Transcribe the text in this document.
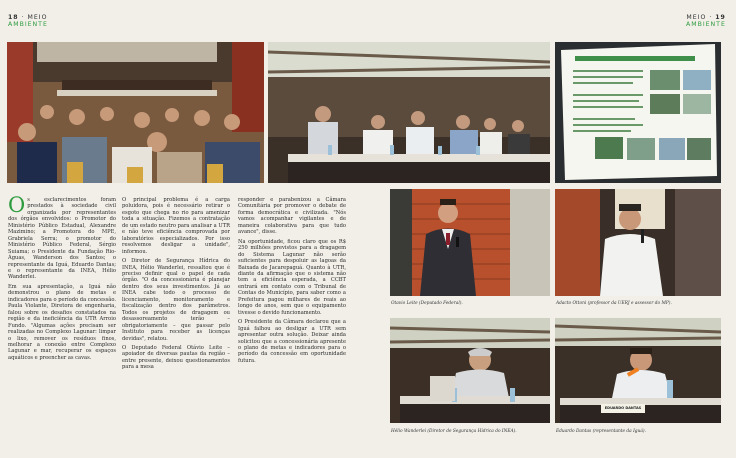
18 · MEIO
AMBIENTE
MEIO · 19
AMBIENTE

Os esclarecimentos foram prestados à sociedade civil organizada por representantes dos órgãos envolvidos: o Promotor do Ministério Público Estadual, Alexandre Mazimino; a Promotora do MPE, Grabriela Serra; o promotor do Ministério Público Federal, Sérgio Suiama; o Presidente da Fundação Rio-Águas, Wanderson dos Santos; o representante da Iguá, Eduardo Dantas; e o representante da INEA, Hélio Wanderlei.

Em sua apresentação, a Iguá não demonstrou o plano de metas e indicadores para o período da concessão. Paula Violante, Diretora de engenharia, falou sobre os desafios constatados na região e da ineficiência da UTR Arroio Fundo. "Algumas ações precisam ser realizadas no Complexo Lagunar: limpar o lixo, remover os resíduos finos, melhorar a conexão entre Complexo Lagunar e mar, recuperar os espaços aquáticos e preencher as cavas.

O principal problema é a carga poluidora, pois é necessário retirar o esgoto que chega no rio para amenizar toda a situação. Fizemos a contratação de um estado neutro para analisar a UTR e não teve eficiência comprovada por laboratórios especializados. Por isso resolvemos desligar a unidade", informou.

O Diretor de Segurança Hídrica do INEA, Hélio Wanderlei, ressaltou que é preciso definir qual o papel de cada órgão. "O da concessionária é planejar dentro dos seus investimentos. Já ao INEA cabe todo o processo de licenciamento, monitoramento e fiscalização dentro dos parâmetros. Todos os projetos de dragagem ou desassoreamento terão – obrigatoriamente – que passar pelo Instituto para receber as licenças devidas", relatou.

O Deputado Federal Otávio Leite – apoiador de diversas pautas da região – entre presente, deixou questionamentos para a mesa

responder e parabenizou a Câmara Comunitária por promover o debate de forma democrática e civilizada. "Nós vamos acompanhar vigilantes e de maneira colaborativa para que tudo avance", disse.

Na oportunidade, ficou claro que os R$ 250 milhões previstos para a dragagem do Sistema Lagunar não serão suficientes para despoluir as lagoas da Baixada de Jacarepaguá. Quanto à UTR, diante da afirmação que o sistema não tem a eficiência esperada, a CCBT entrará em contato com o Tribunal de Contas do Município, para saber como a Prefeitura pagou milhares de reais ao longo de anos, sem que o equipamento tivesse o devido funcionamento.

O Presidente da Câmara declarou que a Iguá falhou ao desligar a UTR sem apresentar outra solução. Deixar ainda solicitou que a concessionária apresente o plano de metas e indicadores para o período da concessão em oportunidade futura.

Otavio Leite (Deputado Federal).	Adacto Ottoni (professor da UERJ e assessor do MP).
Hélio Wanderlei (Diretor de Segurança Hídrica do INEA).
EDUARDO DANTAS
Eduardo Dantas (representante da Iguá).
